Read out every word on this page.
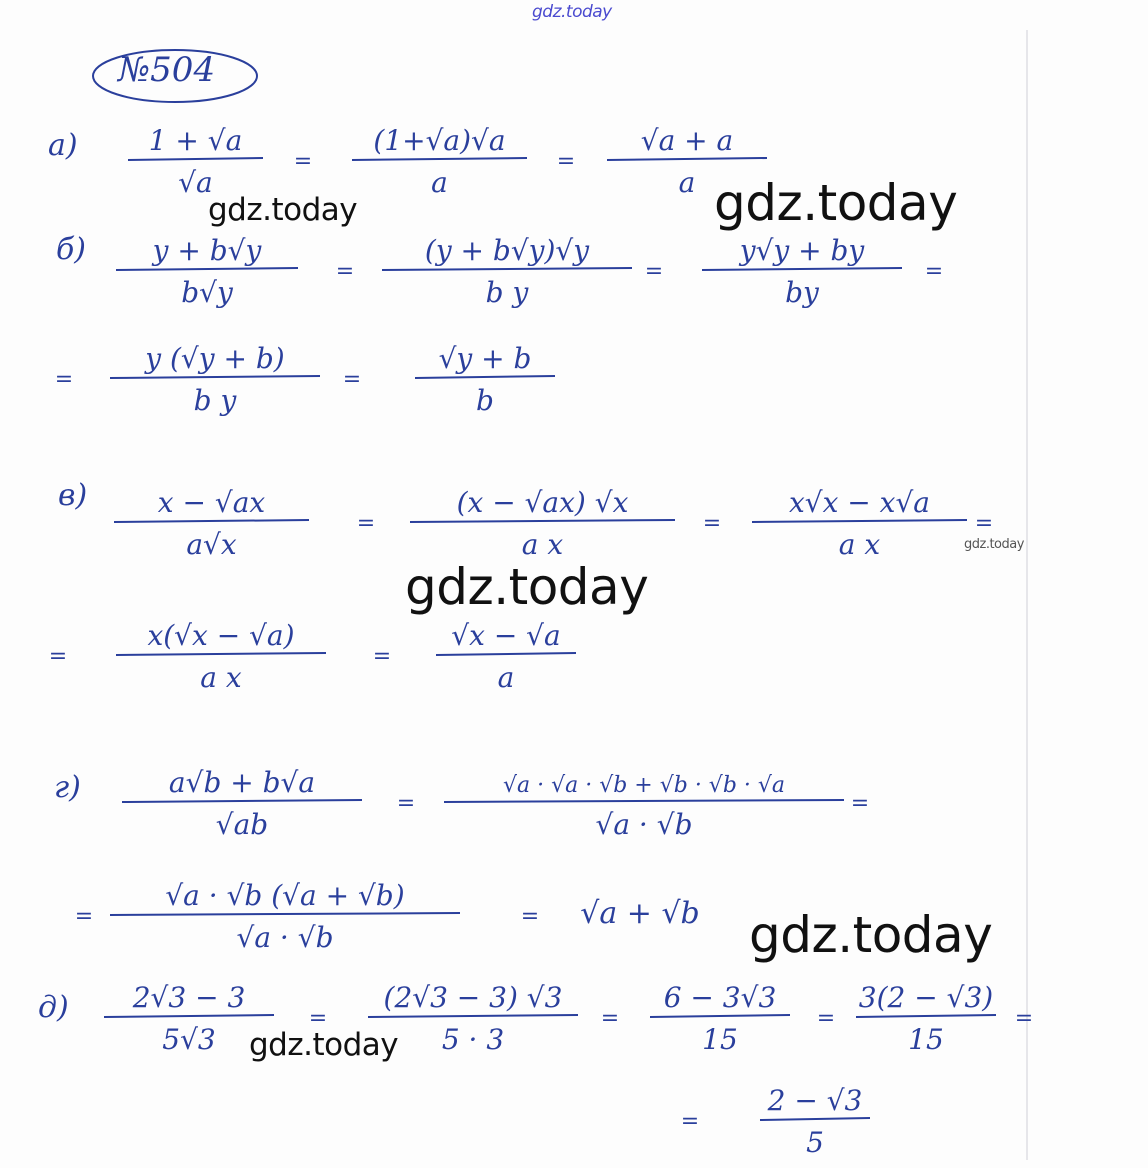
1 + √a
√a
=
(1+√a)√a
a
=
√a + a
a
y + b√y
b√y
=
(y + b√y)√y
b y
=
y√y + by
by
=
=
y (√y + b)
b y
=
√y + b
b
x − √ax
a√x
=
(x − √ax) √x
a x
=
x√x − x√a
a x
=
=
x(√x − √a)
a x
=
√x − √a
a
a√b + b√a
√ab
=
√a · √a · √b + √b · √b · √a
√a · √b
=
=
√a · √b (√a + √b)
√a · √b
= √a + √b
2√3 − 3
5√3
=
(2√3 − 3) √3
5 · 3
=
6 − 3√3
15
=
3(2 − √3)
15
=
=
2 − √3
5
№504
а)
б)
в)
г)
д)
gdz.today
gdz.today	gdz.today
gdz.today
gdz.today
gdz.today
gdz.today
